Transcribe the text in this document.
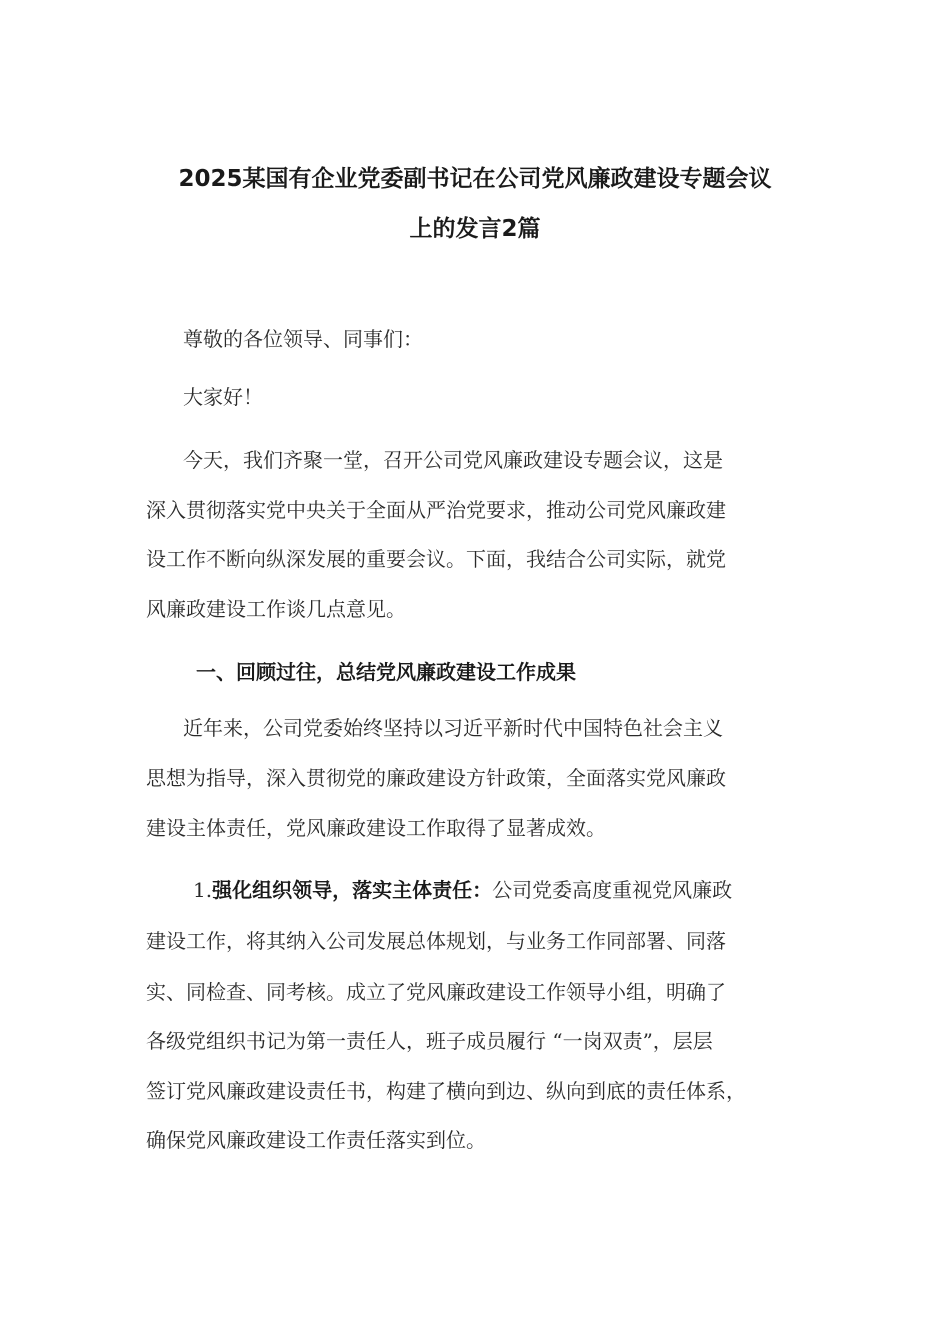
2025某国有企业党委副书记在公司党风廉政建设专题会议
上的发言2篇
尊敬的各位领导、同事们：
大家好！
今天，我们齐聚一堂，召开公司党风廉政建设专题会议，这是
深入贯彻落实党中央关于全面从严治党要求，推动公司党风廉政建
设工作不断向纵深发展的重要会议。下面，我结合公司实际，就党
风廉政建设工作谈几点意见。
一、回顾过往，总结党风廉政建设工作成果
近年来，公司党委始终坚持以习近平新时代中国特色社会主义
思想为指导，深入贯彻党的廉政建设方针政策，全面落实党风廉政
建设主体责任，党风廉政建设工作取得了显著成效。
1.强化组织领导，落实主体责任：公司党委高度重视党风廉政
建设工作，将其纳入公司发展总体规划，与业务工作同部署、同落
实、同检查、同考核。成立了党风廉政建设工作领导小组，明确了
各级党组织书记为第一责任人，班子成员履行 “一岗双责”，层层
签订党风廉政建设责任书，构建了横向到边、纵向到底的责任体系，
确保党风廉政建设工作责任落实到位。
